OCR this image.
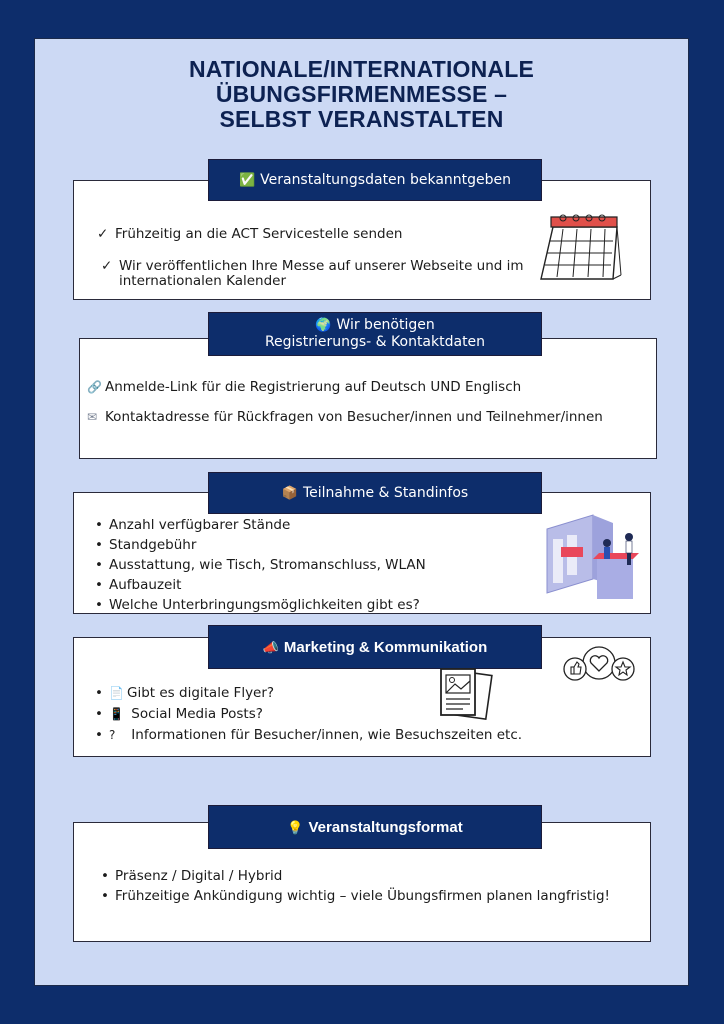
NATIONALE/INTERNATIONALE
ÜBUNGSFIRMENMESSE –
SELBST VERANSTALTEN
✅ Veranstaltungsdaten bekanntgeben
✓ Frühzeitig an die ACT Servicestelle senden
✓ Wir veröffentlichen Ihre Messe auf unserer Webseite und im
internationalen Kalender
🌍 Wir benötigen
Registrierungs- & Kontaktdaten
🔗 Anmelde-Link für die Registrierung auf Deutsch UND Englisch
✉ Kontaktadresse für Rückfragen von Besucher/innen und Teilnehmer/innen
📦 Teilnahme & Standinfos
• Anzahl verfügbarer Stände
• Standgebühr
• Ausstattung, wie Tisch, Stromanschluss, WLAN
• Aufbauzeit
• Welche Unterbringungsmöglichkeiten gibt es?
📣 Marketing & Kommunikation
• 📄 Gibt es digitale Flyer?
• 📱 Social Media Posts?
• ? Informationen für Besucher/innen, wie Besuchszeiten etc.
💡 Veranstaltungsformat
• Präsenz / Digital / Hybrid
• Frühzeitige Ankündigung wichtig – viele Übungsfirmen planen langfristig!
